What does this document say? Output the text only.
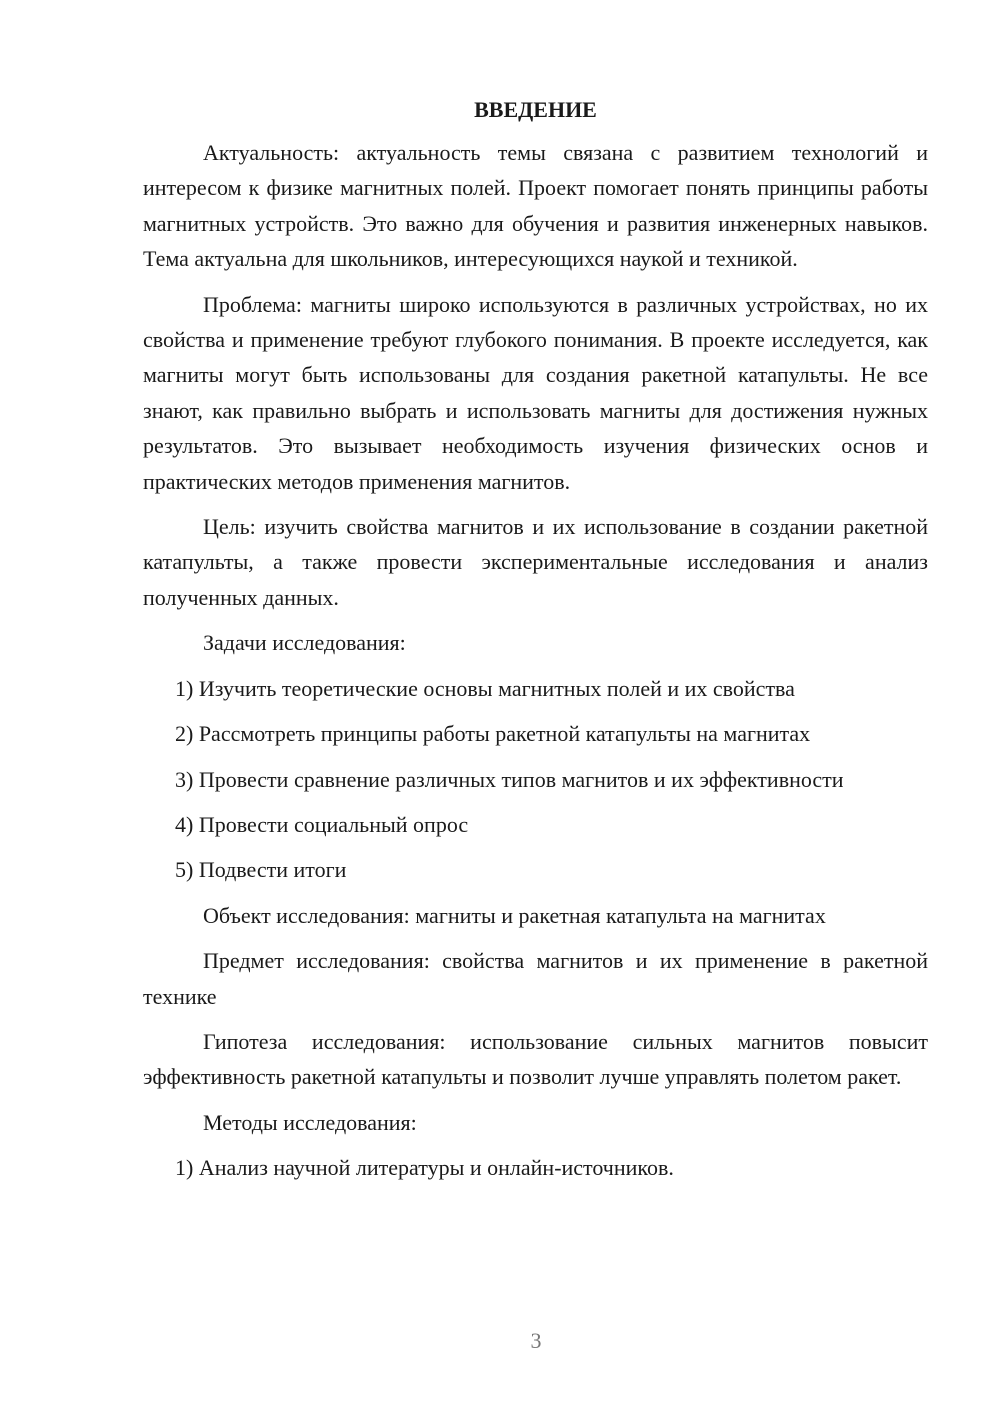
ВВЕДЕНИЕ
Актуальность: актуальность темы связана с развитием технологий и интересом к физике магнитных полей. Проект помогает понять принципы работы магнитных устройств. Это важно для обучения и развития инженерных навыков. Тема актуальна для школьников, интересующихся наукой и техникой.
Проблема: магниты широко используются в различных устройствах, но их свойства и применение требуют глубокого понимания. В проекте исследуется, как магниты могут быть использованы для создания ракетной катапульты. Не все знают, как правильно выбрать и использовать магниты для достижения нужных результатов. Это вызывает необходимость изучения физических основ и практических методов применения магнитов.
Цель: изучить свойства магнитов и их использование в создании ракетной катапульты, а также провести экспериментальные исследования и анализ полученных данных.
Задачи исследования:
1) Изучить теоретические основы магнитных полей и их свойства
2) Рассмотреть принципы работы ракетной катапульты на магнитах
3) Провести сравнение различных типов магнитов и их эффективности
4) Провести социальный опрос
5) Подвести итоги
Объект исследования: магниты и ракетная катапульта на магнитах
Предмет исследования: свойства магнитов и их применение в ракетной технике
Гипотеза исследования: использование сильных магнитов повысит эффективность ракетной катапульты и позволит лучше управлять полетом ракет.
Методы исследования:
1) Анализ научной литературы и онлайн-источников.
3
